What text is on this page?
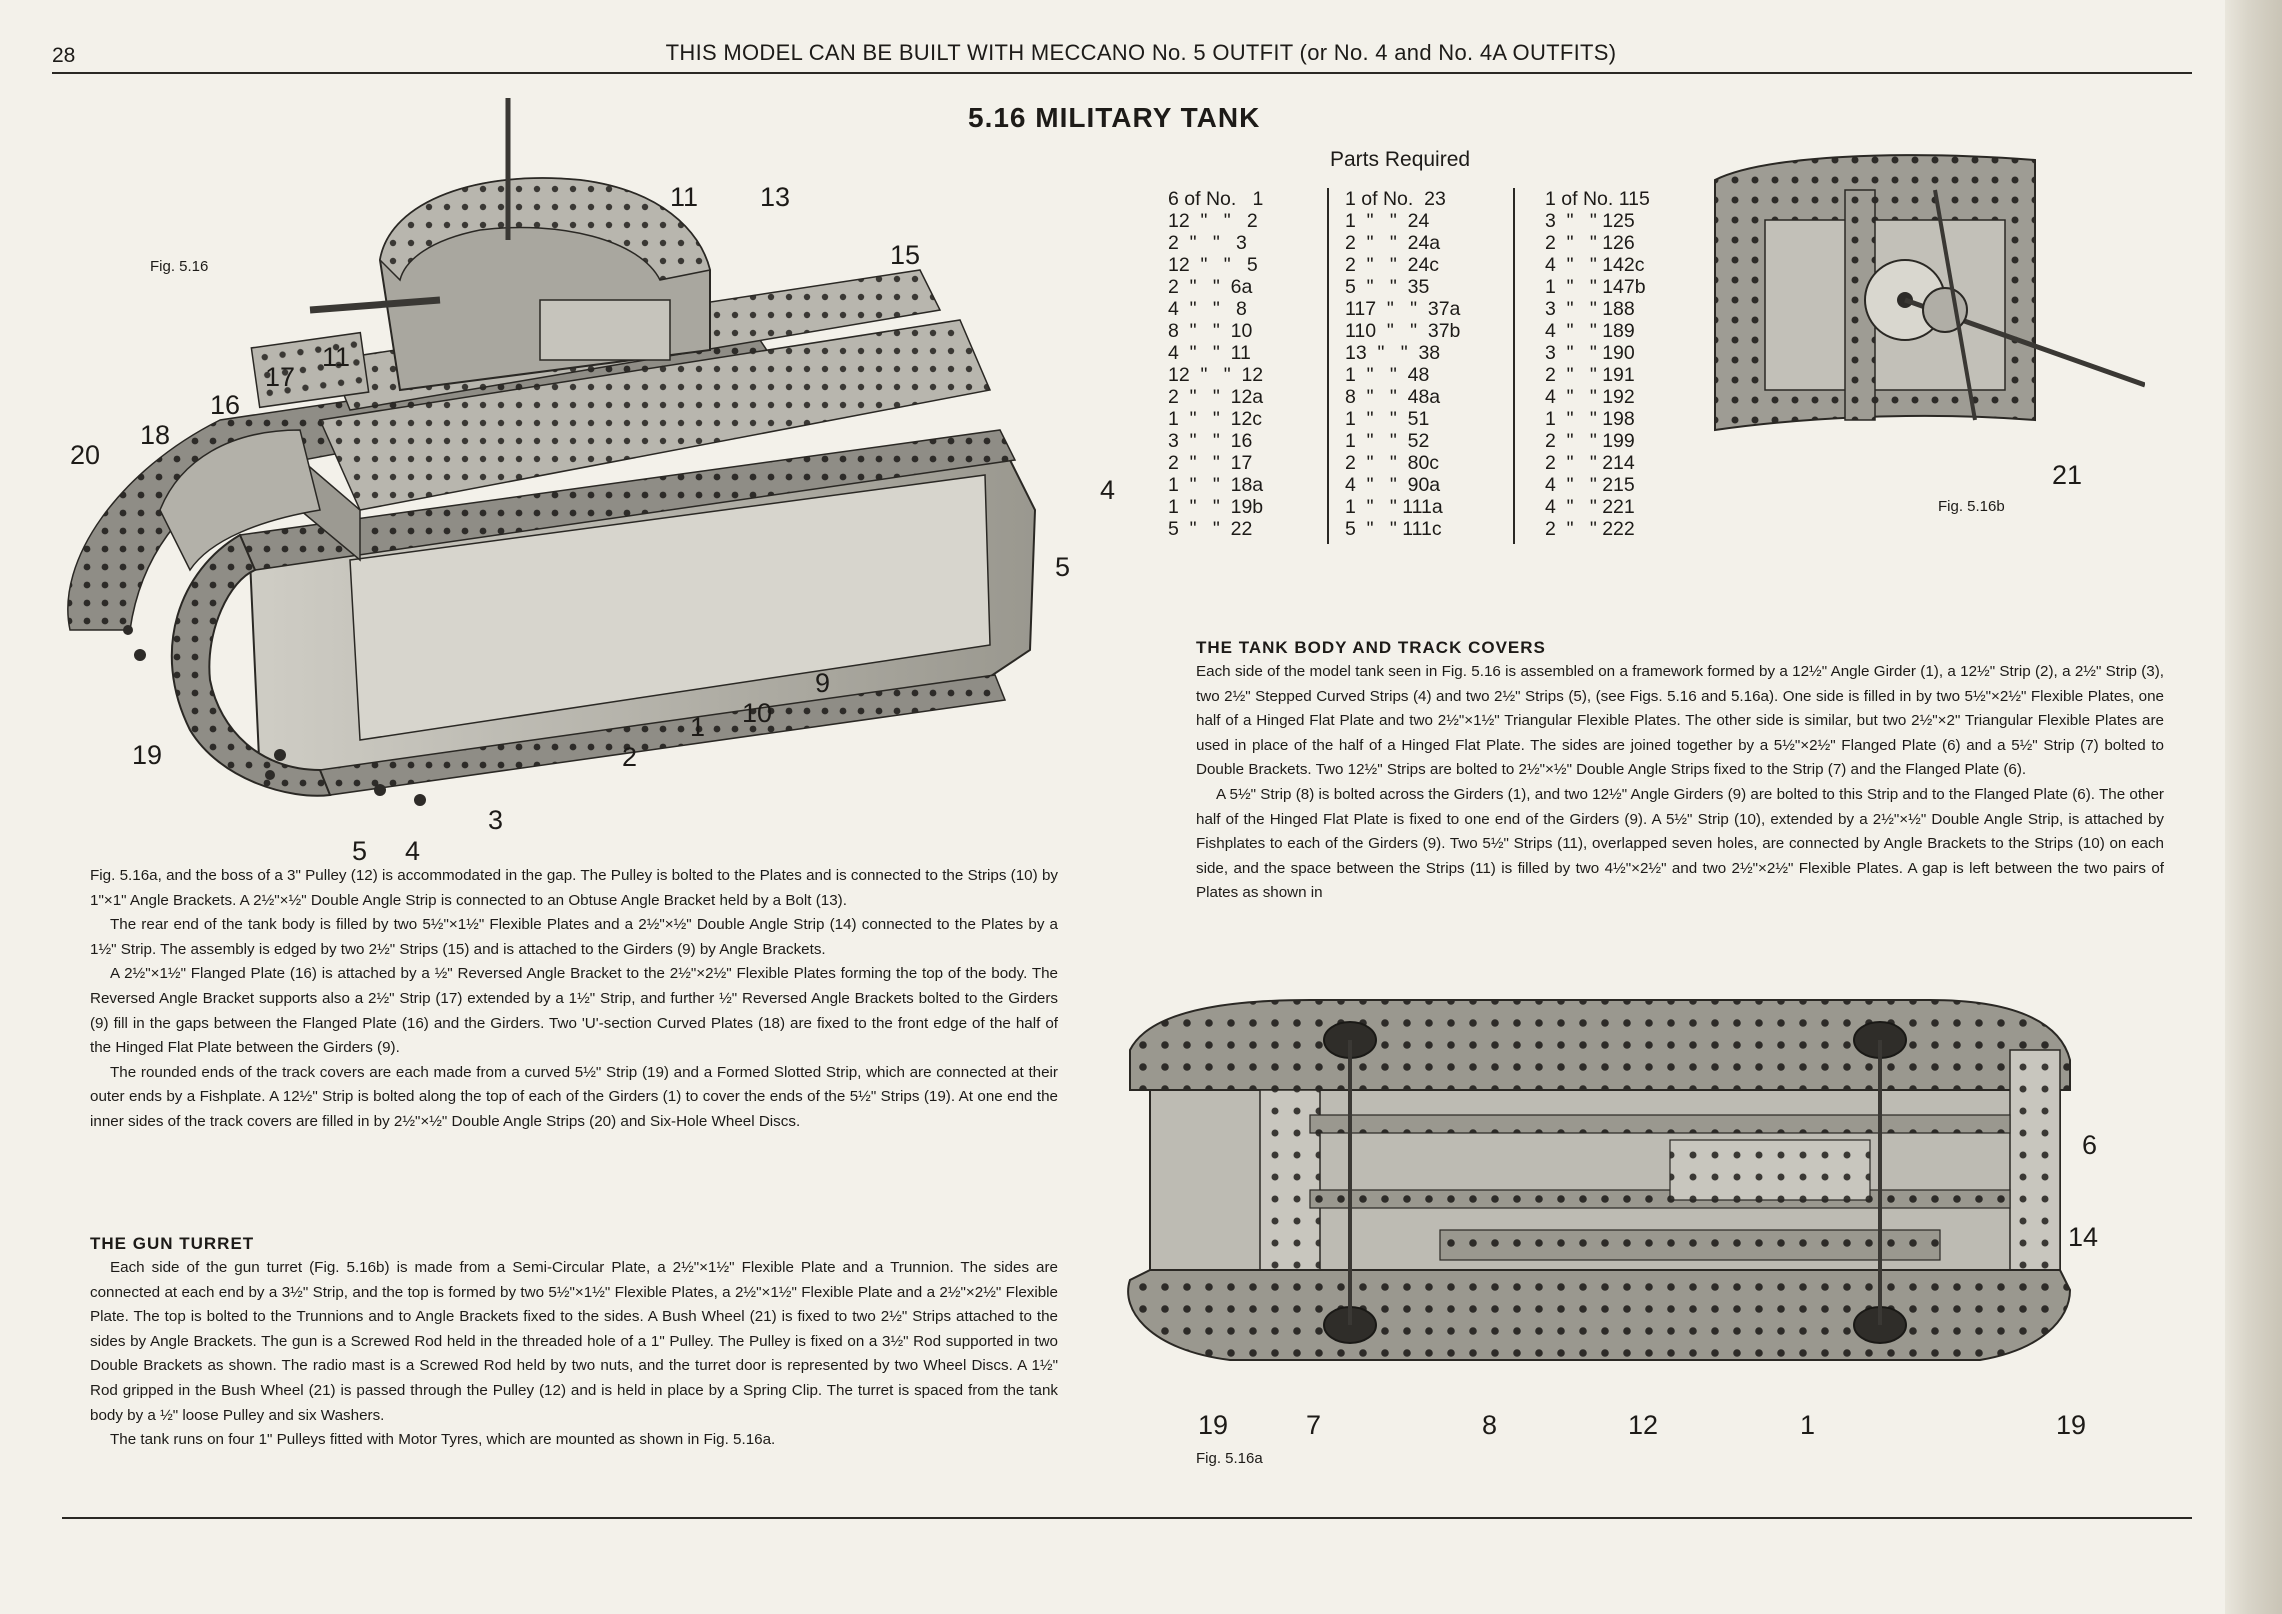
28	THIS MODEL CAN BE BUILT WITH MECCANO No. 5 OUTFIT (or No. 4 and No. 4A OUTFITS)
5.16 MILITARY TANK
Parts Required
6 of No.   1
12  "   "   2
2  "   "   3
12  "   "   5
2  "   "  6a
4  "   "   8
8  "   "  10
4  "   "  11
12  "   "  12
2  "   "  12a
1  "   "  12c
3  "   "  16
2  "   "  17
1  "   "  18a
1  "   "  19b
5  "   "  22
1 of No.  23
1  "   "  24
2  "   "  24a
2  "   "  24c
5  "   "  35
117  "   "  37a
110  "   "  37b
13  "   "  38
1  "   "  48
8  "   "  48a
1  "   "  51
1  "   "  52
2  "   "  80c
4  "   "  90a
1  "   " 111a
5  "   " 111c
1 of No. 115
3  "   " 125
2  "   " 126
4  "   " 142c
1  "   " 147b
3  "   " 188
4  "   " 189
3  "   " 190
2  "   " 191
4  "   " 192
1  "   " 198
2  "   " 199
2  "   " 214
4  "   " 215
4  "   " 221
2  "   " 222
Fig. 5.16
11 13
15
17
11
16
18
20
4
5
9
10
1
2
3
19
5 4
21
Fig. 5.16b
THE TANK BODY AND TRACK COVERS

Each side of the model tank seen in Fig. 5.16 is assembled on a framework formed by a 12½" Angle Girder (1), a 12½" Strip (2), a 2½" Strip (3), two 2½" Stepped Curved Strips (4) and two 2½" Strips (5), (see Figs. 5.16 and 5.16a). One side is filled in by two 5½"×2½" Flexible Plates, one half of a Hinged Flat Plate and two 2½"×1½" Triangular Flexible Plates. The other side is similar, but two 2½"×2" Triangular Flexible Plates are used in place of the half of a Hinged Flat Plate. The sides are joined together by a 5½"×2½" Flanged Plate (6) and a 5½" Strip (7) bolted to Double Brackets. Two 12½" Strips are bolted to 2½"×½" Double Angle Strips fixed to the Strip (7) and the Flanged Plate (6).

A 5½" Strip (8) is bolted across the Girders (1), and two 12½" Angle Girders (9) are bolted to this Strip and to the Flanged Plate (6). The other half of the Hinged Flat Plate is fixed to one end of the Girders (9). A 5½" Strip (10), extended by a 2½"×½" Double Angle Strip, is attached by Fishplates to each of the Girders (9). Two 5½" Strips (11), overlapped seven holes, are connected by Angle Brackets to the Strips (10) on each side, and the space between the Strips (11) is filled by two 4½"×2½" and two 2½"×2½" Flexible Plates. A gap is left between the two pairs of Plates as shown in

6
14
19	7	8	12	1	19
Fig. 5.16a

Fig. 5.16a, and the boss of a 3" Pulley (12) is accommodated in the gap. The Pulley is bolted to the Plates and is connected to the Strips (10) by 1"×1" Angle Brackets. A 2½"×½" Double Angle Strip is connected to an Obtuse Angle Bracket held by a Bolt (13).

The rear end of the tank body is filled by two 5½"×1½" Flexible Plates and a 2½"×½" Double Angle Strip (14) connected to the Plates by a 1½" Strip. The assembly is edged by two 2½" Strips (15) and is attached to the Girders (9) by Angle Brackets.

A 2½"×1½" Flanged Plate (16) is attached by a ½" Reversed Angle Bracket to the 2½"×2½" Flexible Plates forming the top of the body. The Reversed Angle Bracket supports also a 2½" Strip (17) extended by a 1½" Strip, and further ½" Reversed Angle Brackets bolted to the Girders (9) fill in the gaps between the Flanged Plate (16) and the Girders. Two 'U'-section Curved Plates (18) are fixed to the front edge of the half of the Hinged Flat Plate between the Girders (9).

The rounded ends of the track covers are each made from a curved 5½" Strip (19) and a Formed Slotted Strip, which are connected at their outer ends by a Fishplate. A 12½" Strip is bolted along the top of each of the Girders (1) to cover the ends of the 5½" Strips (19). At one end the inner sides of the track covers are filled in by 2½"×½" Double Angle Strips (20) and Six-Hole Wheel Discs.

THE GUN TURRET

Each side of the gun turret (Fig. 5.16b) is made from a Semi-Circular Plate, a 2½"×1½" Flexible Plate and a Trunnion. The sides are connected at each end by a 3½" Strip, and the top is formed by two 5½"×1½" Flexible Plates, a 2½"×1½" Flexible Plate and a 2½"×2½" Flexible Plate. The top is bolted to the Trunnions and to Angle Brackets fixed to the sides. A Bush Wheel (21) is fixed to two 2½" Strips attached to the sides by Angle Brackets. The gun is a Screwed Rod held in the threaded hole of a 1" Pulley. The Pulley is fixed on a 3½" Rod supported in two Double Brackets as shown. The radio mast is a Screwed Rod held by two nuts, and the turret door is represented by two Wheel Discs. A 1½" Rod gripped in the Bush Wheel (21) is passed through the Pulley (12) and is held in place by a Spring Clip. The turret is spaced from the tank body by a ½" loose Pulley and six Washers.

The tank runs on four 1" Pulleys fitted with Motor Tyres, which are mounted as shown in Fig. 5.16a.
